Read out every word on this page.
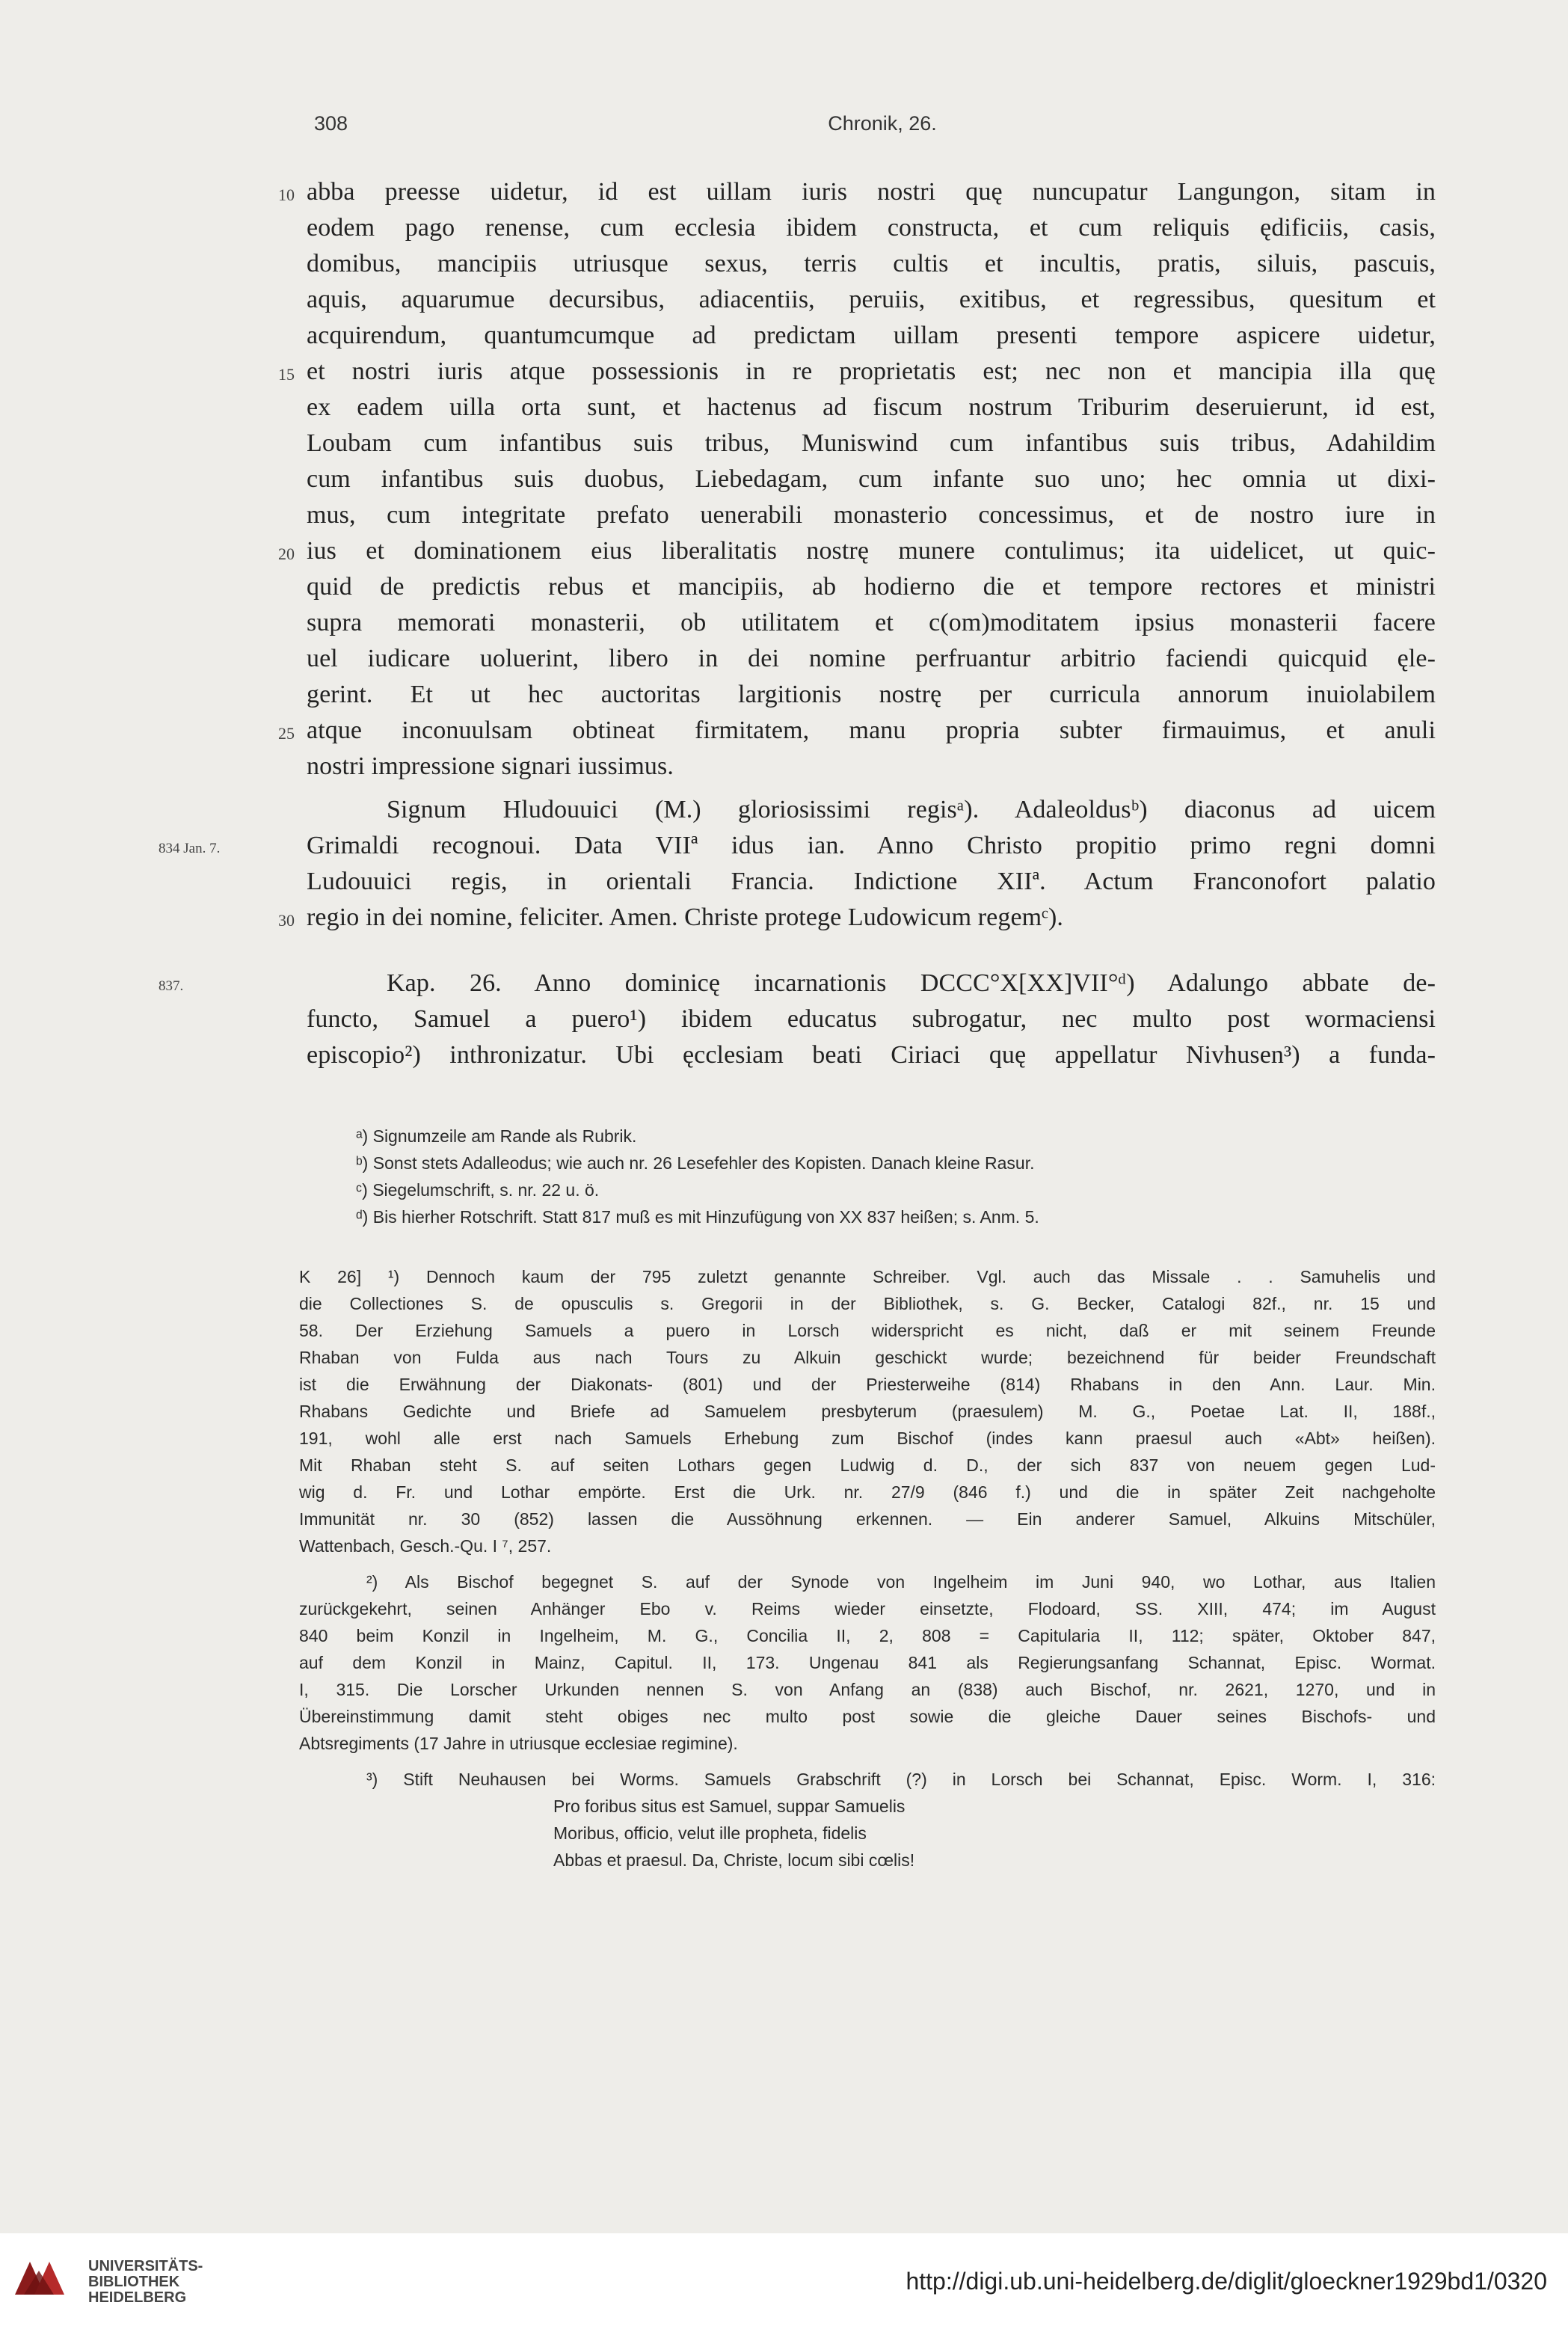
308	Chronik, 26.
abba preesse uidetur, id est uillam iuris nostri quę nuncupatur Langungon, sitam in
eodem pago renense, cum ecclesia ibidem constructa, et cum reliquis ędificiis, casis,
domibus, mancipiis utriusque sexus, terris cultis et incultis, pratis, siluis, pascuis,
aquis, aquarumue decursibus, adiacentiis, peruiis, exitibus, et regressibus, quesitum et
acquirendum, quantumcumque ad predictam uillam presenti tempore aspicere uidetur,
et nostri iuris atque possessionis in re proprietatis est; nec non et mancipia illa quę
ex eadem uilla orta sunt, et hactenus ad fiscum nostrum Triburim deseruierunt, id est,
Loubam cum infantibus suis tribus, Muniswind cum infantibus suis tribus, Adahildim
cum infantibus suis duobus, Liebedagam, cum infante suo uno; hec omnia ut dixi-
mus, cum integritate prefato uenerabili monasterio concessimus, et de nostro iure in
ius et dominationem eius liberalitatis nostrę munere contulimus; ita uidelicet, ut quic-
quid de predictis rebus et mancipiis, ab hodierno die et tempore rectores et ministri
supra memorati monasterii, ob utilitatem et c(om)moditatem ipsius monasterii facere
uel iudicare uoluerint, libero in dei nomine perfruantur arbitrio faciendi quicquid ęle-
gerint. Et ut hec auctoritas largitionis nostrę per curricula annorum inuiolabilem
atque inconuulsam obtineat firmitatem, manu propria subter firmauimus, et anuli
nostri impressione signari iussimus.
Signum Hludouuici (M.) gloriosissimi regisᵃ). Adaleoldusᵇ) diaconus ad uicem
Grimaldi recognoui. Data VIIª idus ian. Anno Christo propitio primo regni domni
Ludouuici regis, in orientali Francia. Indictione XIIª. Actum Franconofort palatio
regio in dei nomine, feliciter. Amen. Christe protege Ludowicum regemᶜ).
Kap. 26. Anno dominicę incarnationis DCCC°X[XX]VII°ᵈ) Adalungo abbate de-
functo, Samuel a puero¹) ibidem educatus subrogatur, nec multo post wormaciensi
episcopio²) inthronizatur. Ubi ęcclesiam beati Ciriaci quę appellatur Nivhusen³) a funda-
10
15
20
25
30
834 Jan. 7.
837.
ᵃ) Signumzeile am Rande als Rubrik.
ᵇ) Sonst stets Adalleodus; wie auch nr. 26 Lesefehler des Kopisten. Danach kleine Rasur.
ᶜ) Siegelumschrift, s. nr. 22 u. ö.
ᵈ) Bis hierher Rotschrift. Statt 817 muß es mit Hinzufügung von XX 837 heißen; s. Anm. 5.
K 26] ¹) Dennoch kaum der 795 zuletzt genannte Schreiber. Vgl. auch das Missale . . Samuhelis und
die Collectiones S. de opusculis s. Gregorii in der Bibliothek, s. G. Becker, Catalogi 82f., nr. 15 und
58. Der Erziehung Samuels a puero in Lorsch widerspricht es nicht, daß er mit seinem Freunde
Rhaban von Fulda aus nach Tours zu Alkuin geschickt wurde; bezeichnend für beider Freundschaft
ist die Erwähnung der Diakonats- (801) und der Priesterweihe (814) Rhabans in den Ann. Laur. Min.
Rhabans Gedichte und Briefe ad Samuelem presbyterum (praesulem) M. G., Poetae Lat. II, 188f.,
191, wohl alle erst nach Samuels Erhebung zum Bischof (indes kann praesul auch «Abt» heißen).
Mit Rhaban steht S. auf seiten Lothars gegen Ludwig d. D., der sich 837 von neuem gegen Lud-
wig d. Fr. und Lothar empörte. Erst die Urk. nr. 27/9 (846 f.) und die in später Zeit nachgeholte
Immunität nr. 30 (852) lassen die Aussöhnung erkennen. — Ein anderer Samuel, Alkuins Mitschüler,
Wattenbach, Gesch.-Qu. I ⁷, 257.
²) Als Bischof begegnet S. auf der Synode von Ingelheim im Juni 940, wo Lothar, aus Italien
zurückgekehrt, seinen Anhänger Ebo v. Reims wieder einsetzte, Flodoard, SS. XIII, 474; im August
840 beim Konzil in Ingelheim, M. G., Concilia II, 2, 808 = Capitularia II, 112; später, Oktober 847,
auf dem Konzil in Mainz, Capitul. II, 173. Ungenau 841 als Regierungsanfang Schannat, Episc. Wormat.
I, 315. Die Lorscher Urkunden nennen S. von Anfang an (838) auch Bischof, nr. 2621, 1270, und in
Übereinstimmung damit steht obiges nec multo post sowie die gleiche Dauer seines Bischofs- und
Abtsregiments (17 Jahre in utriusque ecclesiae regimine).
³) Stift Neuhausen bei Worms. Samuels Grabschrift (?) in Lorsch bei Schannat, Episc. Worm. I, 316:
Pro foribus situs est Samuel, suppar Samuelis
Moribus, officio, velut ille propheta, fidelis
Abbas et praesul. Da, Christe, locum sibi cœlis!
UNIVERSITÄTS-
BIBLIOTHEK
HEIDELBERG
http://digi.ub.uni-heidelberg.de/diglit/gloeckner1929bd1/0320
